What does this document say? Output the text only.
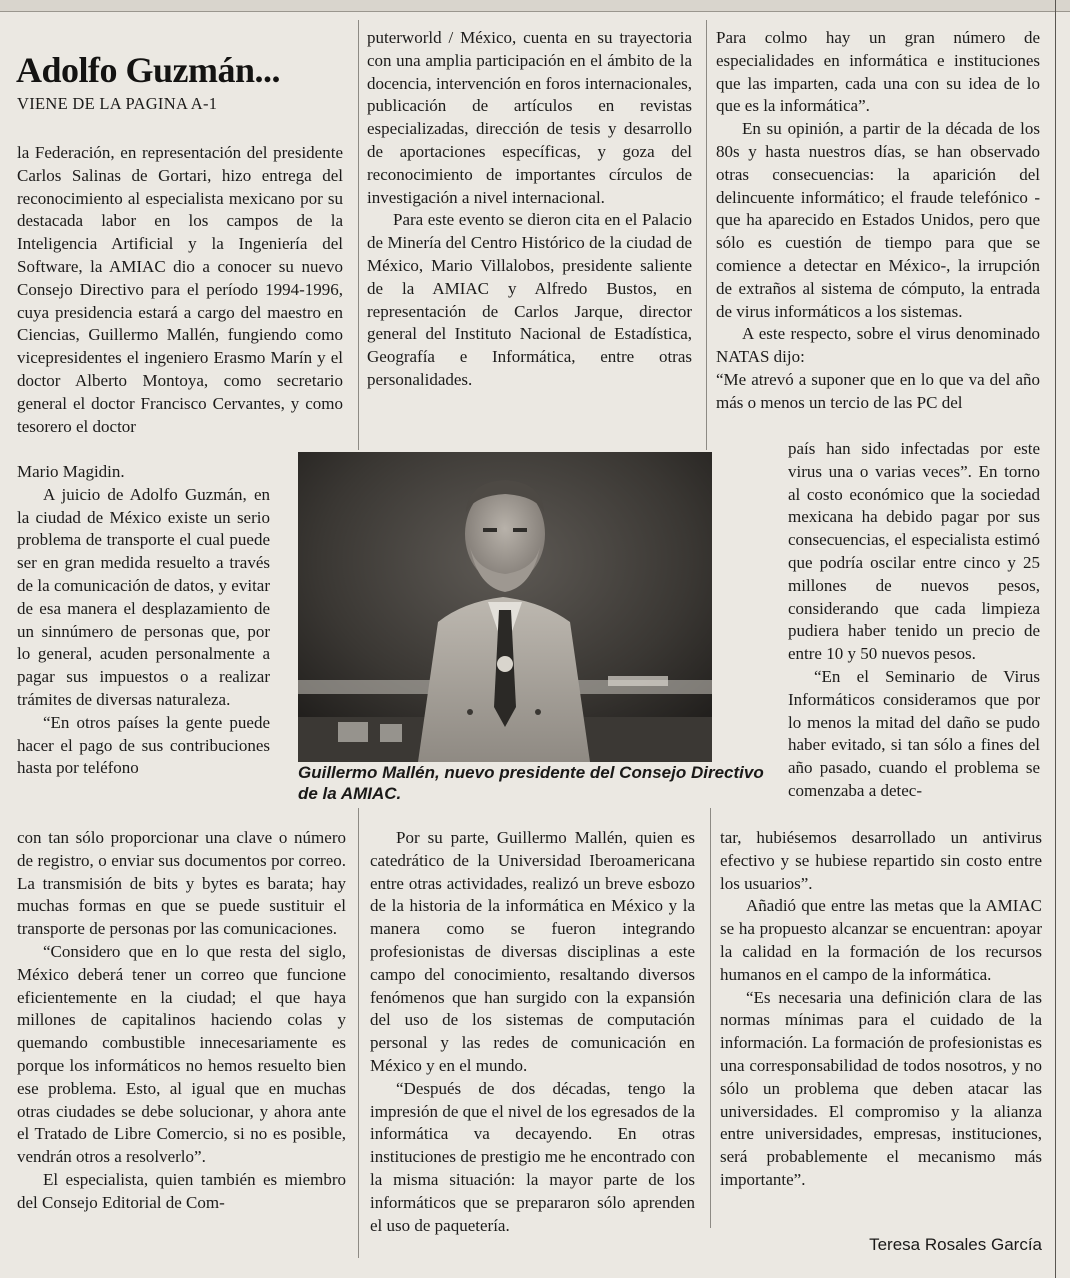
Adolfo Guzmán...
VIENE DE LA PAGINA A-1

la Federación, en representación del presidente Carlos Salinas de Gortari, hizo entrega del reconocimiento al especialista mexicano por su destacada labor en los campos de la Inteligencia Artificial y la Ingeniería del Software, la AMIAC dio a conocer su nuevo Consejo Directivo para el período 1994-1996, cuya presidencia estará a cargo del maestro en Ciencias, Guillermo Mallén, fungiendo como vicepresidentes el ingeniero Erasmo Marín y el doctor Alberto Montoya, como secretario general el doctor Francisco Cervantes, y como tesorero el doctor

Mario Magidin.

A juicio de Adolfo Guzmán, en la ciudad de México existe un serio problema de transporte el cual puede ser en gran medida resuelto a través de la comunicación de datos, y evitar de esa manera el desplazamiento de un sinnúmero de personas que, por lo general, acuden personalmente a pagar sus impuestos o a realizar trámites de diversas naturaleza.

“En otros países la gente puede hacer el pago de sus contribuciones hasta por teléfono

con tan sólo proporcionar una clave o número de registro, o enviar sus documentos por correo. La transmisión de bits y bytes es barata; hay muchas formas en que se puede sustituir el transporte de personas por las comunicaciones.

“Considero que en lo que resta del siglo, México deberá tener un correo que funcione eficientemente en la ciudad; el que haya millones de capitalinos haciendo colas y quemando combustible innecesariamente es porque los informáticos no hemos resuelto bien ese problema. Esto, al igual que en muchas otras ciudades se debe solucionar, y ahora ante el Tratado de Libre Comercio, si no es posible, vendrán otros a resolverlo”.

El especialista, quien también es miembro del Consejo Editorial de Com-

puterworld / México, cuenta en su trayectoria con una amplia participación en el ámbito de la docencia, intervención en foros internacionales, publicación de artículos en revistas especializadas, dirección de tesis y desarrollo de aportaciones específicas, y goza del reconocimiento de importantes círculos de investigación a nivel internacional.

Para este evento se dieron cita en el Palacio de Minería del Centro Histórico de la ciudad de México, Mario Villalobos, presidente saliente de la AMIAC y Alfredo Bustos, en representación de Carlos Jarque, director general del Instituto Nacional de Estadística, Geografía e Informática, entre otras personalidades.

Por su parte, Guillermo Mallén, quien es catedrático de la Universidad Iberoamericana entre otras actividades, realizó un breve esbozo de la historia de la informática en México y la manera como se fueron integrando profesionistas de diversas disciplinas a este campo del conocimiento, resaltando diversos fenómenos que han surgido con la expansión del uso de los sistemas de computación personal y las redes de comunicación en México y en el mundo.

“Después de dos décadas, tengo la impresión de que el nivel de los egresados de la informática va decayendo. En otras instituciones de prestigio me he encontrado con la misma situación: la mayor parte de los informáticos que se prepararon sólo aprenden el uso de paquetería.

Para colmo hay un gran número de especialidades en informática e instituciones que las imparten, cada una con su idea de lo que es la informática”.

En su opinión, a partir de la década de los 80s y hasta nuestros días, se han observado otras consecuencias: la aparición del delincuente informático; el fraude telefónico -que ha aparecido en Estados Unidos, pero que sólo es cuestión de tiempo para que se comience a detectar en México-, la irrupción de extraños al sistema de cómputo, la entrada de virus informáticos a los sistemas.

A este respecto, sobre el virus denominado NATAS dijo:

“Me atrevó a suponer que en lo que va del año más o menos un tercio de las PC del

país han sido infectadas por este virus una o varias veces”. En torno al costo económico que la sociedad mexicana ha debido pagar por sus consecuencias, el especialista estimó que podría oscilar entre cinco y 25 millones de nuevos pesos, considerando que cada limpieza pudiera haber tenido un precio de entre 10 y 50 nuevos pesos.

“En el Seminario de Virus Informáticos consideramos que por lo menos la mitad del daño se pudo haber evitado, si tan sólo a fines del año pasado, cuando el problema se comenzaba a detec-

tar, hubiésemos desarrollado un antivirus efectivo y se hubiese repartido sin costo entre los usuarios”.

Añadió que entre las metas que la AMIAC se ha propuesto alcanzar se encuentran: apoyar la calidad en la formación de los recursos humanos en el campo de la informática.

“Es necesaria una definición clara de las normas mínimas para el cuidado de la información. La formación de profesionistas es una corresponsabilidad de todos nosotros, y no sólo un problema que deben atacar las universidades. El compromiso y la alianza entre universidades, empresas, instituciones, será probablemente el mecanismo más importante”.

Guillermo Mallén, nuevo presidente del Consejo Directivo de la AMIAC.
Teresa Rosales García
